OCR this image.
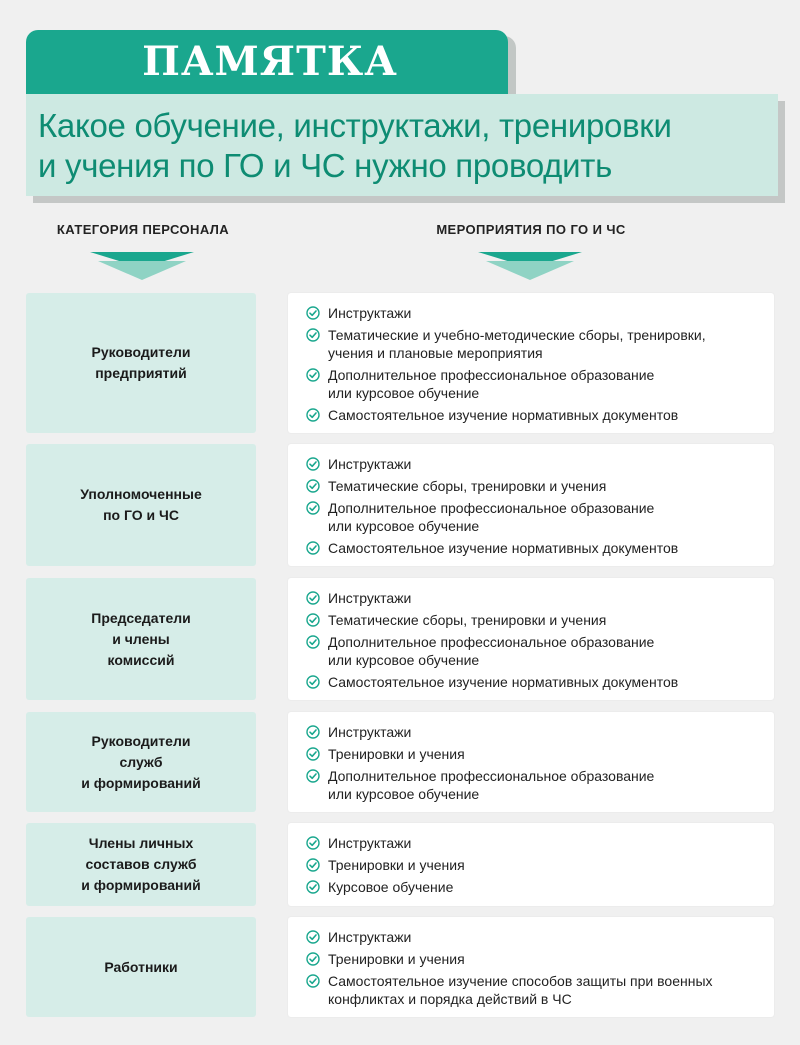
ПАМЯТКА
Какое обучение, инструктажи, тренировки
и учения по ГО и ЧС нужно проводить
КАТЕГОРИЯ ПЕРСОНАЛА	МЕРОПРИЯТИЯ ПО ГО И ЧС
Руководители
предприятий
Инструктажи
Тематические и учебно-методические сборы, тренировки,
учения и плановые мероприятия
Дополнительное профессиональное образование
или курсовое обучение
Самостоятельное изучение нормативных документов
Уполномоченные
по ГО и ЧС
Инструктажи
Тематические сборы, тренировки и учения
Дополнительное профессиональное образование
или курсовое обучение
Самостоятельное изучение нормативных документов
Председатели
и члены
комиссий
Инструктажи
Тематические сборы, тренировки и учения
Дополнительное профессиональное образование
или курсовое обучение
Самостоятельное изучение нормативных документов
Руководители
служб
и формирований
Инструктажи
Тренировки и учения
Дополнительное профессиональное образование
или курсовое обучение
Члены личных
составов служб
и формирований
Инструктажи
Тренировки и учения
Курсовое обучение
Работники
Инструктажи
Тренировки и учения
Самостоятельное изучение способов защиты при военных
конфликтах и порядка действий в ЧС
